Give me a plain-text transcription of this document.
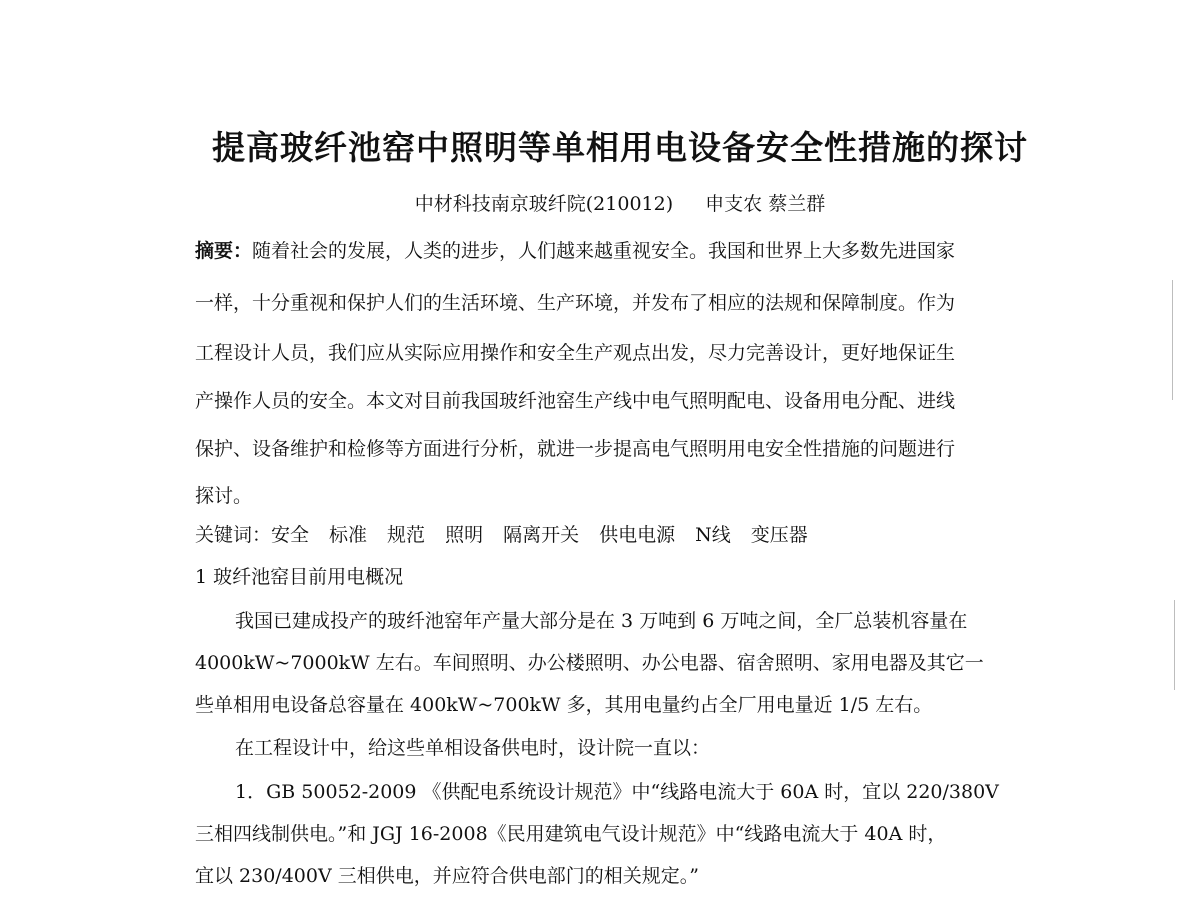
提高玻纤池窑中照明等单相用电设备安全性措施的探讨
中材科技南京玻纤院(210012) 申支农 蔡兰群
摘要：随着社会的发展，人类的进步，人们越来越重视安全。我国和世界上大多数先进国家
一样，十分重视和保护人们的生活环境、生产环境，并发布了相应的法规和保障制度。作为
工程设计人员，我们应从实际应用操作和安全生产观点出发，尽力完善设计，更好地保证生
产操作人员的安全。本文对目前我国玻纤池窑生产线中电气照明配电、设备用电分配、进线
保护、设备维护和检修等方面进行分析，就进一步提高电气照明用电安全性措施的问题进行
探讨。
关键词：安全 标准 规范 照明 隔离开关 供电电源 N线 变压器
1 玻纤池窑目前用电概况
我国已建成投产的玻纤池窑年产量大部分是在 3 万吨到 6 万吨之间，全厂总装机容量在
4000kW~7000kW 左右。车间照明、办公楼照明、办公电器、宿舍照明、家用电器及其它一
些单相用电设备总容量在 400kW~700kW 多，其用电量约占全厂用电量近 1/5 左右。
在工程设计中，给这些单相设备供电时，设计院一直以：
1．GB 50052-2009 《供配电系统设计规范》中“线路电流大于 60A 时，宜以 220/380V
三相四线制供电。”和 JGJ 16-2008《民用建筑电气设计规范》中“线路电流大于 40A 时，
宜以 230/400V 三相供电，并应符合供电部门的相关规定。”
